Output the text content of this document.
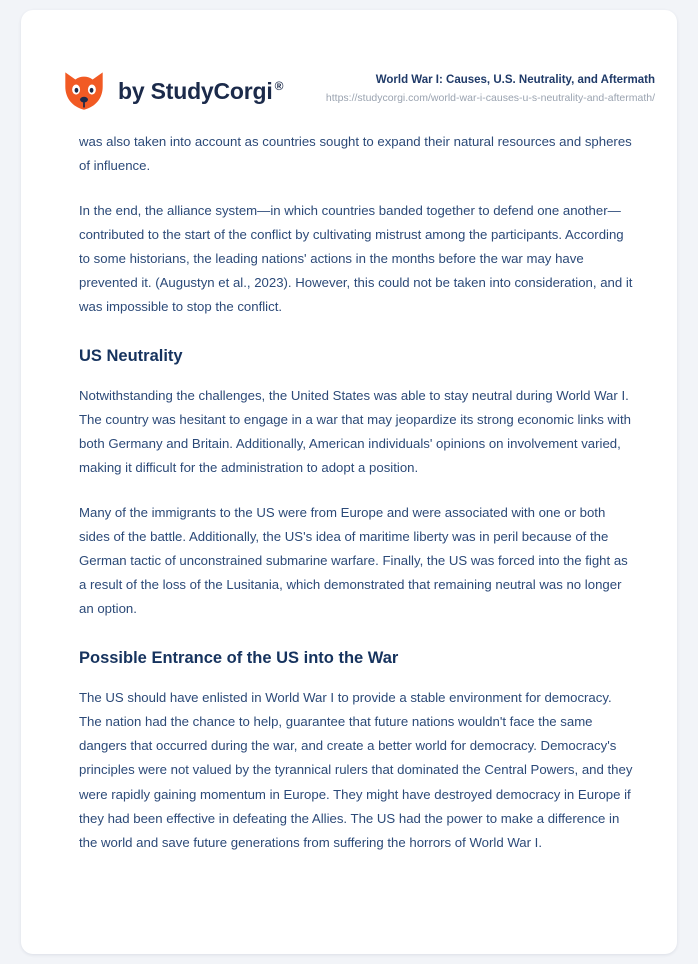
by StudyCorgi ®	World War I: Causes, U.S. Neutrality, and Aftermath
https://studycorgi.com/world-war-i-causes-u-s-neutrality-and-aftermath/

was also taken into account as countries sought to expand their natural resources and spheres of influence.

In the end, the alliance system—in which countries banded together to defend one another—contributed to the start of the conflict by cultivating mistrust among the participants. According to some historians, the leading nations' actions in the months before the war may have prevented it. (Augustyn et al., 2023). However, this could not be taken into consideration, and it was impossible to stop the conflict.

US Neutrality

Notwithstanding the challenges, the United States was able to stay neutral during World War I. The country was hesitant to engage in a war that may jeopardize its strong economic links with both Germany and Britain. Additionally, American individuals' opinions on involvement varied, making it difficult for the administration to adopt a position.

Many of the immigrants to the US were from Europe and were associated with one or both sides of the battle. Additionally, the US's idea of maritime liberty was in peril because of the German tactic of unconstrained submarine warfare. Finally, the US was forced into the fight as a result of the loss of the Lusitania, which demonstrated that remaining neutral was no longer an option.

Possible Entrance of the US into the War

The US should have enlisted in World War I to provide a stable environment for democracy. The nation had the chance to help, guarantee that future nations wouldn't face the same dangers that occurred during the war, and create a better world for democracy. Democracy's principles were not valued by the tyrannical rulers that dominated the Central Powers, and they were rapidly gaining momentum in Europe. They might have destroyed democracy in Europe if they had been effective in defeating the Allies. The US had the power to make a difference in the world and save future generations from suffering the horrors of World War I.
